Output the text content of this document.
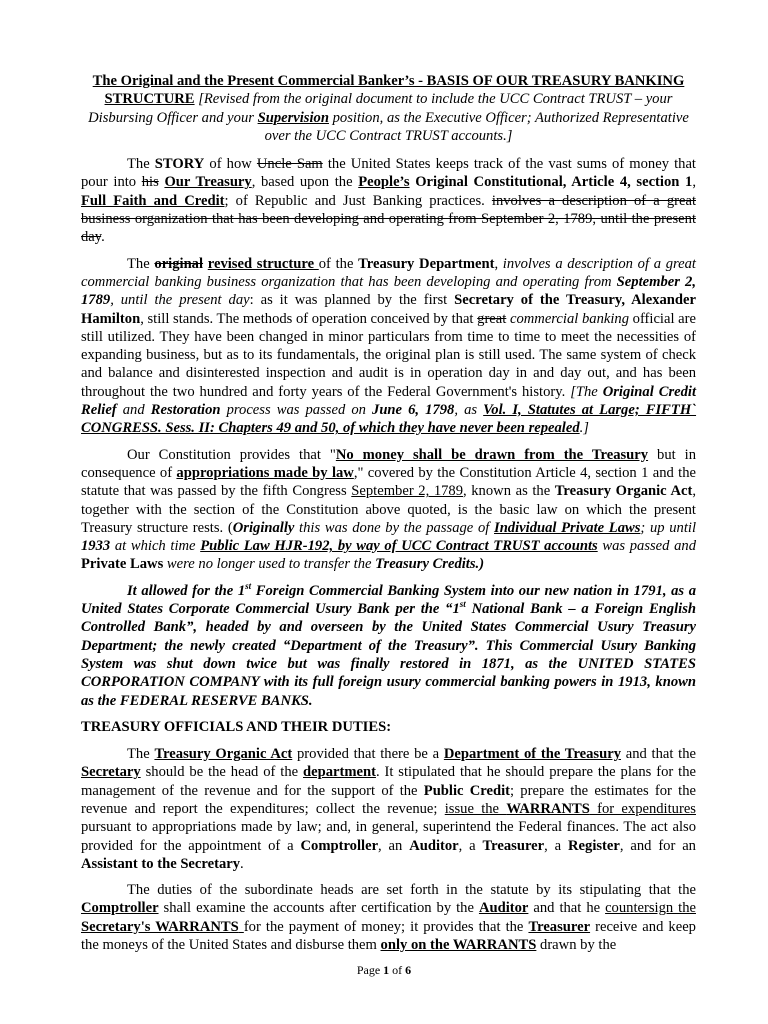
The Original and the Present Commercial Banker’s - BASIS OF OUR TREASURY BANKING STRUCTURE [Revised from the original document to include the UCC Contract TRUST – your Disbursing Officer and your Supervision position, as the Executive Officer; Authorized Representative over the UCC Contract TRUST accounts.]

The STORY of how Uncle Sam the United States keeps track of the vast sums of money that pour into his Our Treasury, based upon the People’s Original Constitutional, Article 4, section 1, Full Faith and Credit; of Republic and Just Banking practices. involves a description of a great business organization that has been developing and operating from September 2, 1789, until the present day.

The original revised structure of the Treasury Department, involves a description of a great commercial banking business organization that has been developing and operating from September 2, 1789, until the present day: as it was planned by the first Secretary of the Treasury, Alexander Hamilton, still stands. The methods of operation conceived by that great commercial banking official are still utilized. They have been changed in minor particulars from time to time to meet the necessities of expanding business, but as to its fundamentals, the original plan is still used. The same system of check and balance and disinterested inspection and audit is in operation day in and day out, and has been throughout the two hundred and forty years of the Federal Government's history. [The Original Credit Relief and Restoration process was passed on June 6, 1798, as Vol. I, Statutes at Large; FIFTH` CONGRESS. Sess. II: Chapters 49 and 50, of which they have never been repealed.]

Our Constitution provides that "No money shall be drawn from the Treasury but in consequence of appropriations made by law," covered by the Constitution Article 4, section 1 and the statute that was passed by the fifth Congress September 2, 1789, known as the Treasury Organic Act, together with the section of the Constitution above quoted, is the basic law on which the present Treasury structure rests. (Originally this was done by the passage of Individual Private Laws; up until 1933 at which time Public Law HJR-192, by way of UCC Contract TRUST accounts was passed and Private Laws were no longer used to transfer the Treasury Credits.)

It allowed for the 1st Foreign Commercial Banking System into our new nation in 1791, as a United States Corporate Commercial Usury Bank per the “1st National Bank – a Foreign English Controlled Bank”, headed by and overseen by the United States Commercial Usury Treasury Department; the newly created “Department of the Treasury”. This Commercial Usury Banking System was shut down twice but was finally restored in 1871, as the UNITED STATES CORPORATION COMPANY with its full foreign usury commercial banking powers in 1913, known as the FEDERAL RESERVE BANKS.

TREASURY OFFICIALS AND THEIR DUTIES:

The Treasury Organic Act provided that there be a Department of the Treasury and that the Secretary should be the head of the department. It stipulated that he should prepare the plans for the management of the revenue and for the support of the Public Credit; prepare the estimates for the revenue and report the expenditures; collect the revenue; issue the WARRANTS for expenditures pursuant to appropriations made by law; and, in general, superintend the Federal finances. The act also provided for the appointment of a Comptroller, an Auditor, a Treasurer, a Register, and for an Assistant to the Secretary.

The duties of the subordinate heads are set forth in the statute by its stipulating that the Comptroller shall examine the accounts after certification by the Auditor and that he countersign the Secretary's WARRANTS for the payment of money; it provides that the Treasurer receive and keep the moneys of the United States and disburse them only on the WARRANTS drawn by the

Page 1 of 6
